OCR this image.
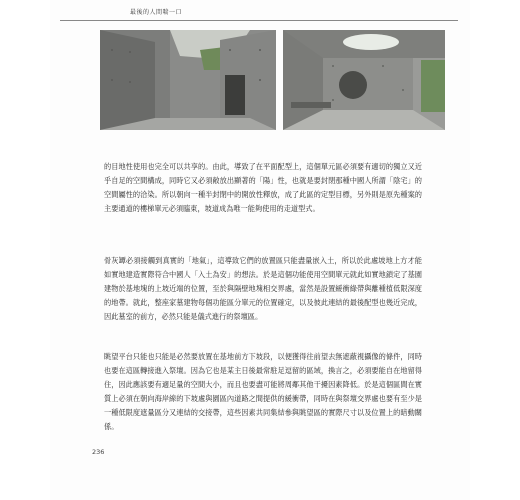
最後的人間喘一口

的目地性使用也完全可以共享的。由此，導致了在平面配型上，這個單元區必須要有適切的獨立又近乎自足的空間構成，同時它又必須敞放出顯著的「陽」性，也就是要封閉那種中國人所謂「陰宅」的空間屬性的洽染。所以朝向一種半封閉中的開放性釋放，成了此區的定型目標，另外則是原先種案的主要通道的樓梯單元必須臨東，坡道成為唯一能夠使用的走道型式。

骨灰罈必須接觸到真實的「地氣」，這導致它們的放置區只能盡量嵌入土，所以於此處坡地上方才能如實地建造實際符合中國人「入土為安」的想法。於是這個功能使用空間單元就此如實地鎖定了基園建物於基地塊的上坡近端的位置，至於與隔壁地塊相交界處，當然是設置緩衝綠帶與離種植低限深度的地帶。就此，整座家墓建物每個功能區分單元的位置確定，以及彼此連結的最後配型也幾近完成，因此墓室的前方，必然只能是儀式進行的祭壇區。

眺望平台只能也只能是必然要放置在基地前方下坡段，以便獲得往前望去無遮蔽視攝像的條件，同時也要在這區轉接進入祭壇。因為它也是某主日後最常駐足逗留的區域，換言之，必須要能自在地留得住，因此應該要有適足量的空間大小，而且也要盡可能將周鄰其他干擾因素降低。於是這個區間在實質上必須在朝向海岸線的下坡處與園區內道路之間提供的緩衝帶，同時在與祭壇交界處也要有至少是一種低限度遮量區分又連結的交接帶，這些因素共同集結參與眺望區的實際尺寸以及位置上的暗動關係。

236
